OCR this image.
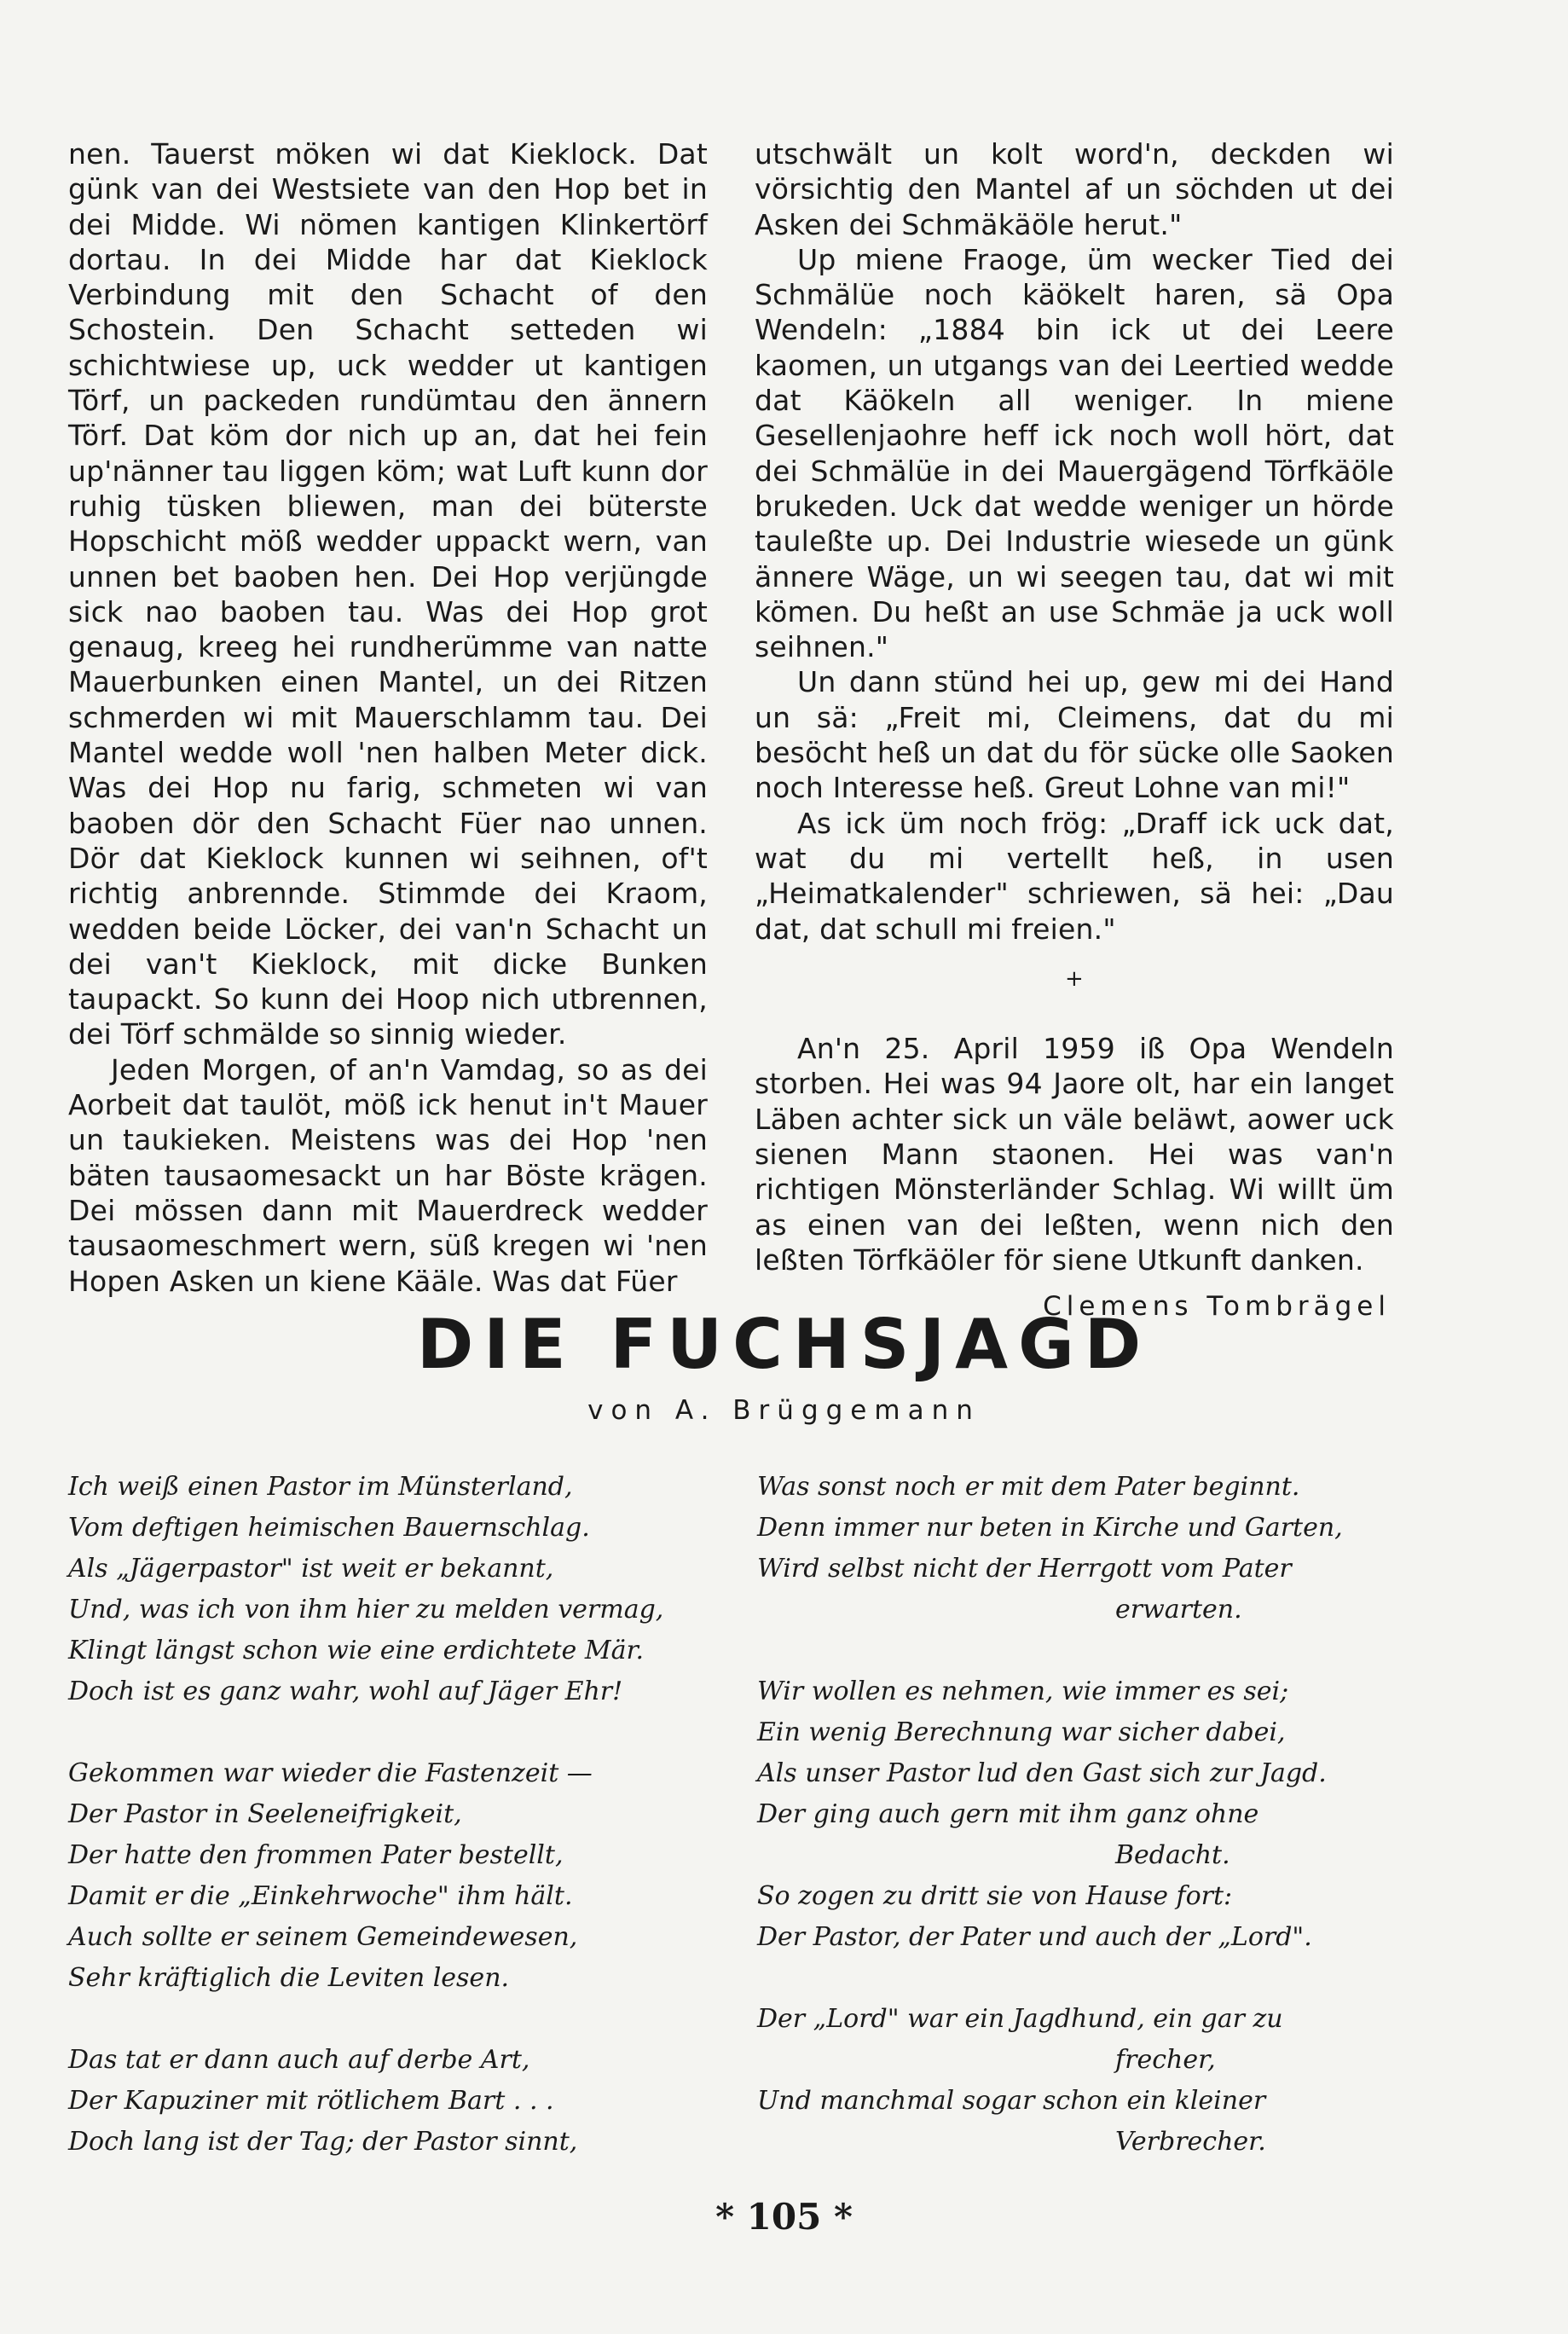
nen. Tauerst möken wi dat Kieklock. Dat günk van dei Westsiete van den Hop bet in dei Midde. Wi nömen kantigen Klinkertörf dortau. In dei Midde har dat Kieklock Verbindung mit den Schacht of den Schostein. Den Schacht setteden wi schichtwiese up, uck wedder ut kantigen Törf, un packeden rundümtau den ännern Törf. Dat köm dor nich up an, dat hei fein up'nänner tau liggen köm; wat Luft kunn dor ruhig tüsken bliewen, man dei büterste Hopschicht möß wedder uppackt wern, van unnen bet baoben hen. Dei Hop verjüngde sick nao baoben tau. Was dei Hop grot genaug, kreeg hei rundherümme van natte Mauerbunken einen Mantel, un dei Ritzen schmerden wi mit Mauerschlamm tau. Dei Mantel wedde woll 'nen halben Meter dick. Was dei Hop nu farig, schmeten wi van baoben dör den Schacht Füer nao unnen. Dör dat Kieklock kunnen wi seihnen, of't richtig anbrennde. Stimmde dei Kraom, wedden beide Löcker, dei van'n Schacht un dei van't Kieklock, mit dicke Bunken taupackt. So kunn dei Hoop nich utbrennen, dei Törf schmälde so sinnig wieder.

Jeden Morgen, of an'n Vamdag, so as dei Aorbeit dat taulöt, möß ick henut in't Mauer un taukieken. Meistens was dei Hop 'nen bäten tausaomesackt un har Böste krägen. Dei mössen dann mit Mauerdreck wedder tausaomeschmert wern, süß kregen wi 'nen Hopen Asken un kiene Kääle. Was dat Füer

utschwält un kolt word'n, deckden wi vörsichtig den Mantel af un söchden ut dei Asken dei Schmäkäöle herut."

Up miene Fraoge, üm wecker Tied dei Schmälüe noch käökelt haren, sä Opa Wendeln: „1884 bin ick ut dei Leere kaomen, un utgangs van dei Leertied wedde dat Käökeln all weniger. In miene Gesellenjaohre heff ick noch woll hört, dat dei Schmälüe in dei Mauergägend Törfkäöle brukeden. Uck dat wedde weniger un hörde tauleßte up. Dei Industrie wiesede un günk ännere Wäge, un wi seegen tau, dat wi mit kömen. Du heßt an use Schmäe ja uck woll seihnen."

Un dann stünd hei up, gew mi dei Hand un sä: „Freit mi, Cleimens, dat du mi besöcht heß un dat du för sücke olle Saoken noch Interesse heß. Greut Lohne van mi!"

As ick üm noch frög: „Draff ick uck dat, wat du mi vertellt heß, in usen „Heimatkalender" schriewen, sä hei: „Dau dat, dat schull mi freien."

+

An'n 25. April 1959 iß Opa Wendeln storben. Hei was 94 Jaore olt, har ein langet Läben achter sick un väle beläwt, aower uck sienen Mann staonen. Hei was van'n richtigen Mönsterländer Schlag. Wi willt üm as einen van dei leßten, wenn nich den leßten Törfkäöler för siene Utkunft danken.

Clemens Tombrägel
DIE FUCHSJAGD
von A. Brüggemann
Ich weiß einen Pastor im Münsterland,
Vom deftigen heimischen Bauernschlag.
Als „Jägerpastor" ist weit er bekannt,
Und, was ich von ihm hier zu melden vermag,
Klingt längst schon wie eine erdichtete Mär.
Doch ist es ganz wahr, wohl auf Jäger Ehr!
Gekommen war wieder die Fastenzeit —
Der Pastor in Seeleneifrigkeit,
Der hatte den frommen Pater bestellt,
Damit er die „Einkehrwoche" ihm hält.
Auch sollte er seinem Gemeindewesen,
Sehr kräftiglich die Leviten lesen.
Das tat er dann auch auf derbe Art,
Der Kapuziner mit rötlichem Bart . . .
Doch lang ist der Tag; der Pastor sinnt,
Was sonst noch er mit dem Pater beginnt.
Denn immer nur beten in Kirche und Garten,
Wird selbst nicht der Herrgott vom Pater
erwarten.
Wir wollen es nehmen, wie immer es sei;
Ein wenig Berechnung war sicher dabei,
Als unser Pastor lud den Gast sich zur Jagd.
Der ging auch gern mit ihm ganz ohne
Bedacht.
So zogen zu dritt sie von Hause fort:
Der Pastor, der Pater und auch der „Lord".
Der „Lord" war ein Jagdhund, ein gar zu
frecher,
Und manchmal sogar schon ein kleiner
Verbrecher.
* 105 *
